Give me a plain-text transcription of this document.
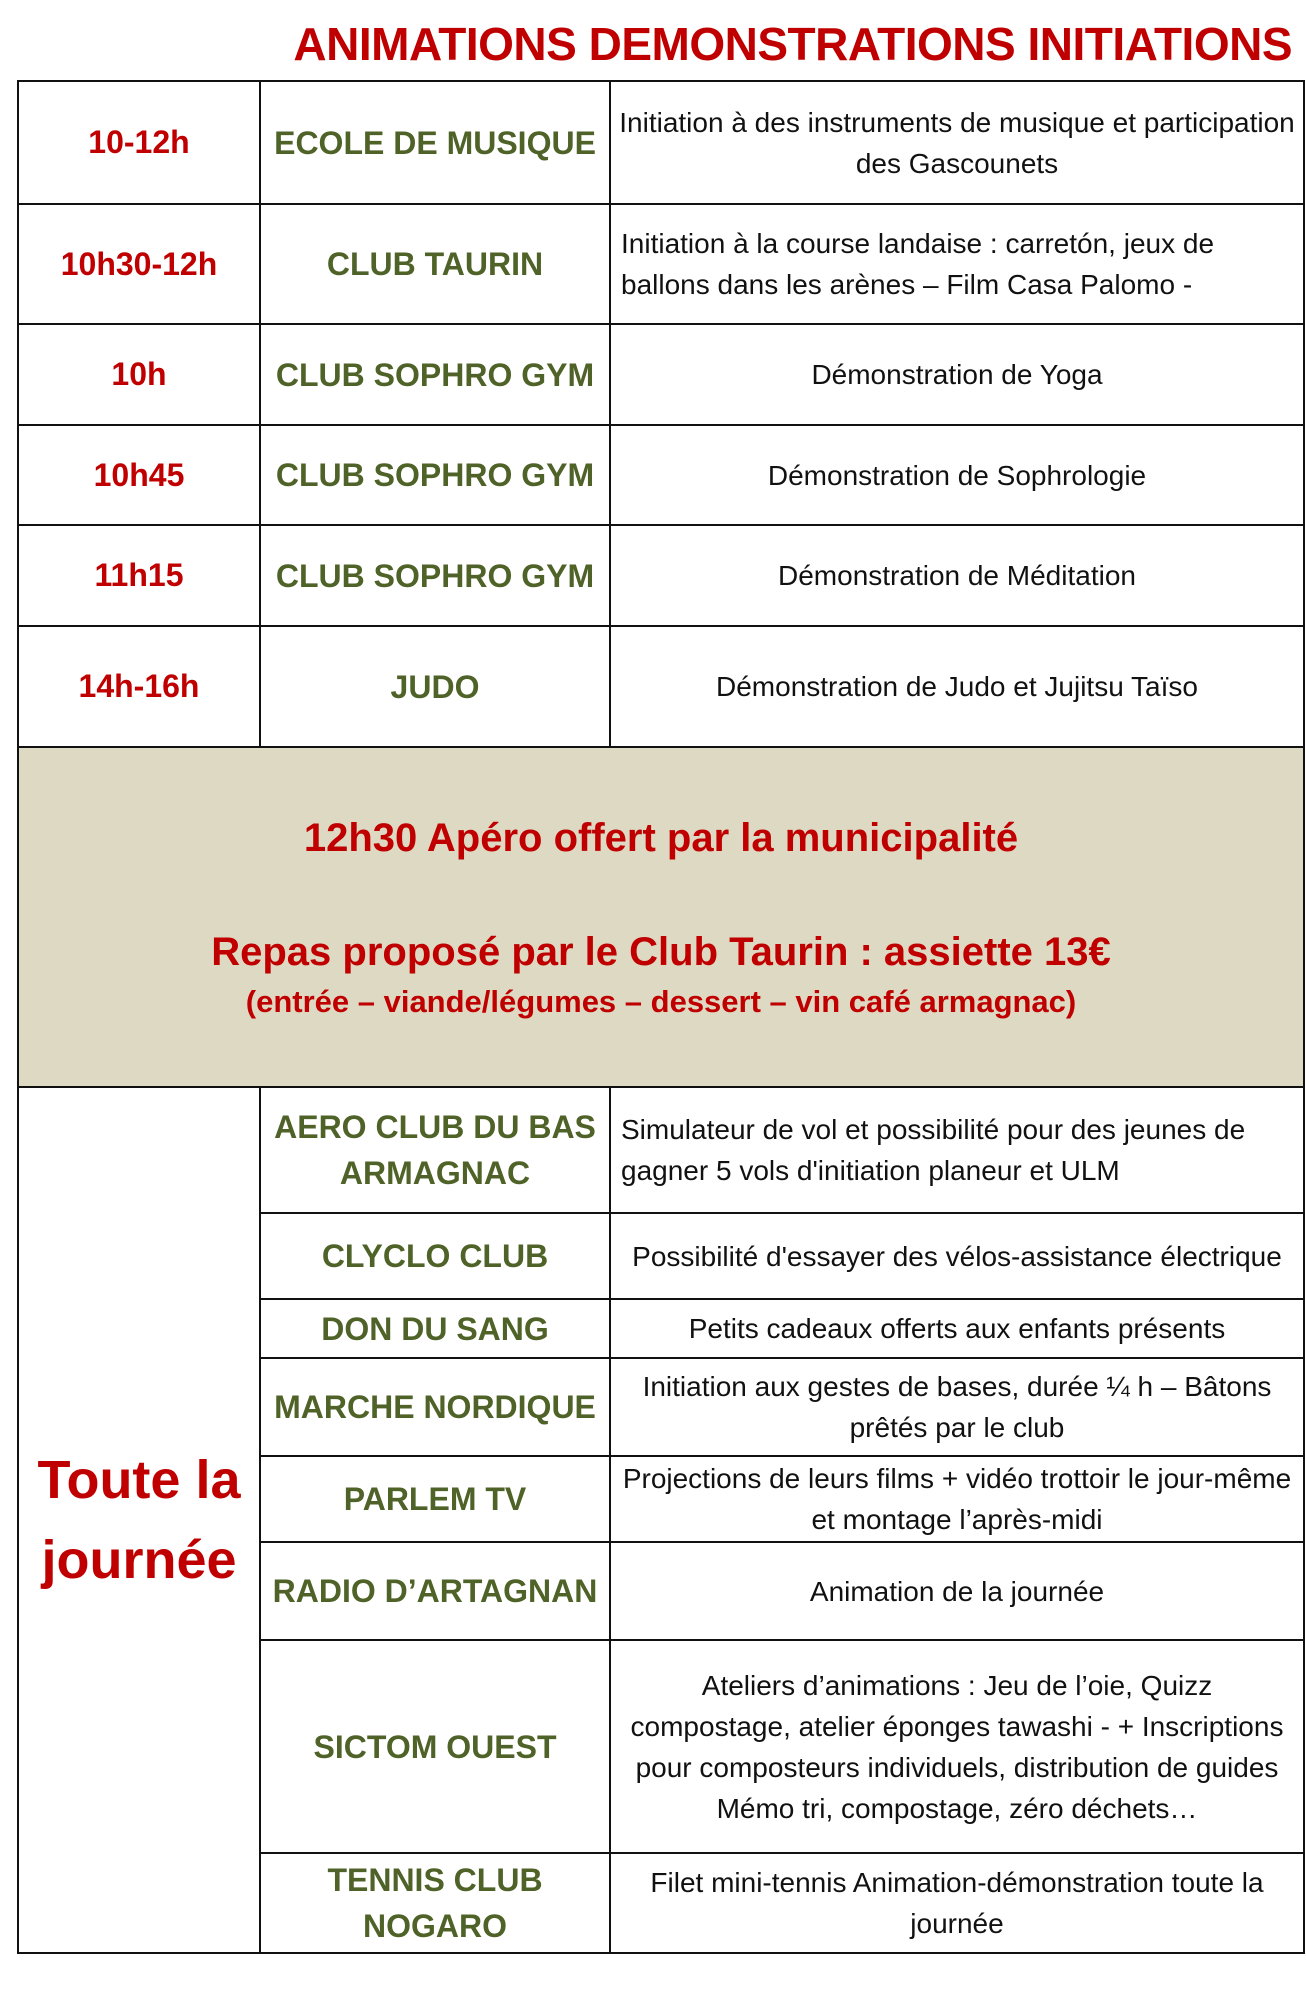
ANIMATIONS DEMONSTRATIONS INITIATIONS
10-12h	ECOLE DE MUSIQUE	Initiation à des instruments de musique et participation des Gascounets
10h30-12h	CLUB TAURIN	Initiation à la course landaise : carretón, jeux de ballons dans les arènes – Film Casa Palomo -
10h	CLUB SOPHRO GYM	Démonstration de Yoga
10h45	CLUB SOPHRO GYM	Démonstration de Sophrologie
11h15	CLUB SOPHRO GYM	Démonstration de Méditation
14h-16h	JUDO	Démonstration de Judo et Jujitsu Taïso

12h30 Apéro offert par la municipalité
Repas proposé par le Club Taurin : assiette 13€
(entrée – viande/légumes – dessert – vin café armagnac)		

Toute la journée	AERO CLUB DU BAS ARMAGNAC	Simulateur de vol et possibilité pour des jeunes de gagner 5 vols d'initiation planeur et ULM
	CLYCLO CLUB	Possibilité d'essayer des vélos-assistance électrique
	DON DU SANG	Petits cadeaux offerts aux enfants présents
	MARCHE NORDIQUE	Initiation aux gestes de bases, durée ¼ h – Bâtons prêtés par le club
	PARLEM TV	Projections de leurs films + vidéo trottoir le jour-même et montage l’après-midi
	RADIO D’ARTAGNAN	Animation de la journée
	SICTOM OUEST	Ateliers d’animations : Jeu de l’oie, Quizz compostage, atelier éponges tawashi - + Inscriptions pour composteurs individuels, distribution de guides Mémo tri, compostage, zéro déchets…
	TENNIS CLUB NOGARO	Filet mini-tennis Animation-démonstration toute la journée
